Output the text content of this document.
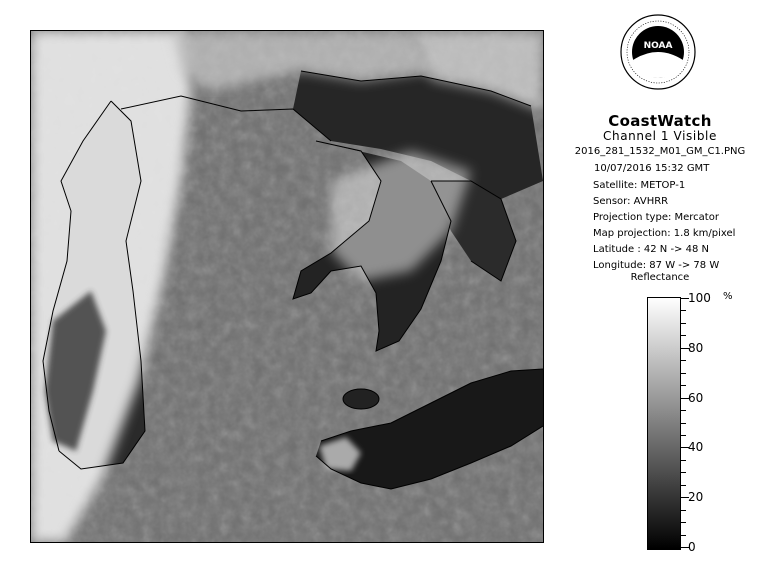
NOAA
CoastWatch
Channel 1 Visible
2016_281_1532_M01_GM_C1.PNG
10/07/2016 15:32 GMT
Satellite: METOP-1
Sensor: AVHRR
Projection type: Mercator
Map projection: 1.8 km/pixel
Latitude : 42 N -> 48 N
Longitude: 87 W -> 78 W
Reflectance
%
100
80
60
40
20
0
